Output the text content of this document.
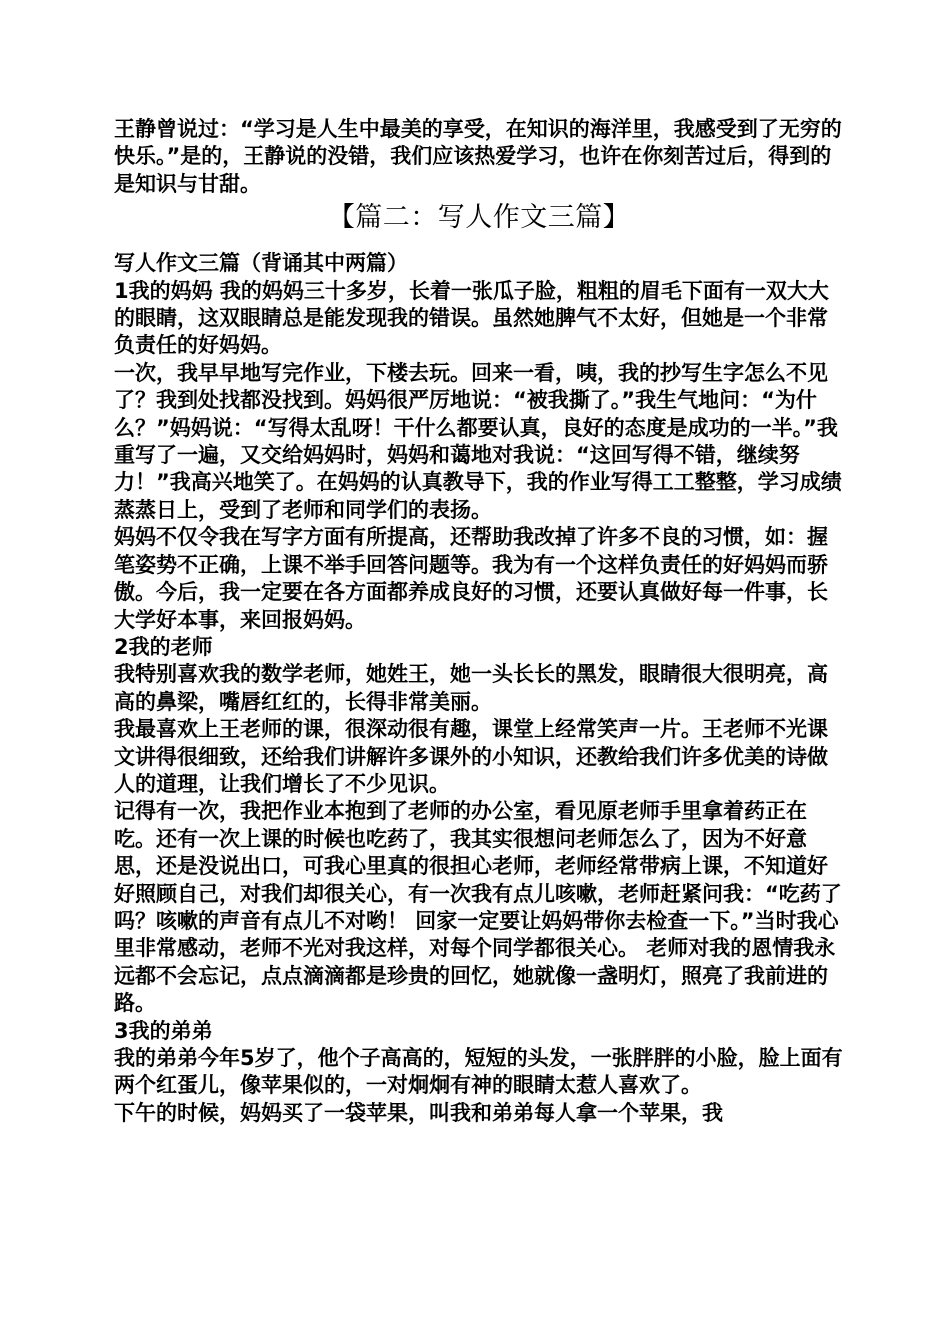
王静曾说过：“学习是人生中最美的享受，在知识的海洋里，我感受到了无穷的快乐。”是的，王静说的没错，我们应该热爱学习，也许在你刻苦过后，得到的是知识与甘甜。

【篇二：写人作文三篇】

写人作文三篇（背诵其中两篇）

1我的妈妈 我的妈妈三十多岁，长着一张瓜子脸，粗粗的眉毛下面有一双大大的眼睛，这双眼睛总是能发现我的错误。虽然她脾气不太好，但她是一个非常负责任的好妈妈。

一次，我早早地写完作业，下楼去玩。回来一看，咦，我的抄写生字怎么不见了？我到处找都没找到。妈妈很严厉地说：“被我撕了。”我生气地问：“为什么？”妈妈说：“写得太乱呀！干什么都要认真，良好的态度是成功的一半。”我重写了一遍，又交给妈妈时，妈妈和蔼地对我说：“这回写得不错，继续努力！”我高兴地笑了。在妈妈的认真教导下，我的作业写得工工整整，学习成绩蒸蒸日上，受到了老师和同学们的表扬。

妈妈不仅令我在写字方面有所提高，还帮助我改掉了许多不良的习惯，如：握笔姿势不正确，上课不举手回答问题等。我为有一个这样负责任的好妈妈而骄傲。今后，我一定要在各方面都养成良好的习惯，还要认真做好每一件事，长大学好本事，来回报妈妈。

2我的老师

我特别喜欢我的数学老师，她姓王，她一头长长的黑发，眼睛很大很明亮，高高的鼻梁，嘴唇红红的，长得非常美丽。

我最喜欢上王老师的课，很深动很有趣，课堂上经常笑声一片。王老师不光课文讲得很细致，还给我们讲解许多课外的小知识，还教给我们许多优美的诗做人的道理，让我们增长了不少见识。

记得有一次，我把作业本抱到了老师的办公室，看见原老师手里拿着药正在吃。还有一次上课的时候也吃药了，我其实很想问老师怎么了，因为不好意思，还是没说出口，可我心里真的很担心老师，老师经常带病上课，不知道好好照顾自己，对我们却很关心，有一次我有点儿咳嗽，老师赶紧问我：“吃药了吗？咳嗽的声音有点儿不对哟！ 回家一定要让妈妈带你去检查一下。”当时我心里非常感动，老师不光对我这样，对每个同学都很关心。 老师对我的恩情我永远都不会忘记，点点滴滴都是珍贵的回忆，她就像一盏明灯，照亮了我前进的路。

3我的弟弟

我的弟弟今年5岁了，他个子高高的，短短的头发，一张胖胖的小脸，脸上面有两个红蛋儿，像苹果似的，一对炯炯有神的眼睛太惹人喜欢了。

下午的时候，妈妈买了一袋苹果，叫我和弟弟每人拿一个苹果，我
